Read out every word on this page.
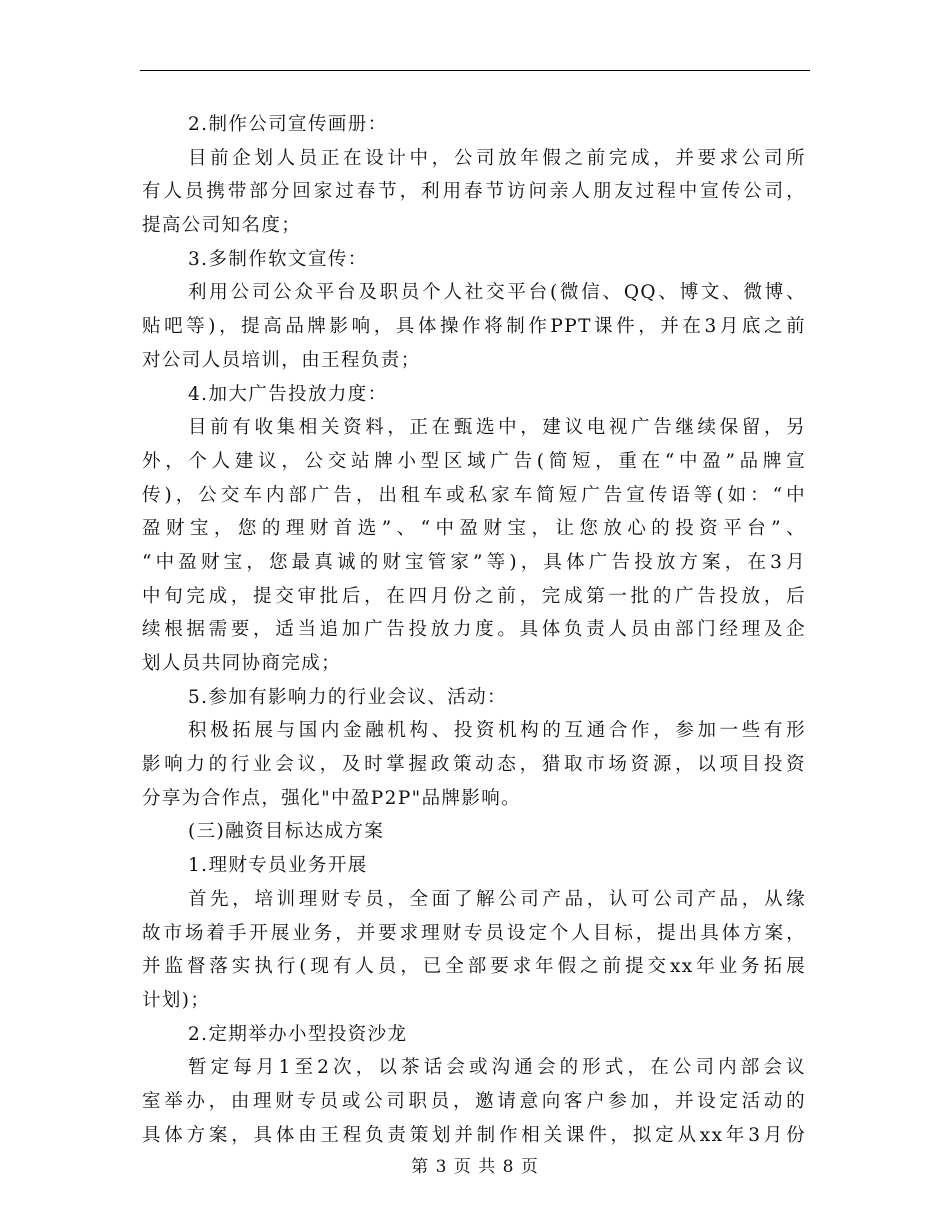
2.制作公司宣传画册：
目前企划人员正在设计中，公司放年假之前完成，并要求公司所
有人员携带部分回家过春节，利用春节访问亲人朋友过程中宣传公司，
提高公司知名度；
3.多制作软文宣传：
利用公司公众平台及职员个人社交平台(微信、QQ、博文、微博、
贴吧等)，提高品牌影响，具体操作将制作PPT课件，并在3月底之前
对公司人员培训，由王程负责；
4.加大广告投放力度：
目前有收集相关资料，正在甄选中，建议电视广告继续保留，另
外，个人建议，公交站牌小型区域广告(简短，重在“中盈”品牌宣
传)，公交车内部广告，出租车或私家车简短广告宣传语等(如：“中
盈财宝，您的理财首选”、“中盈财宝，让您放心的投资平台”、
“中盈财宝，您最真诚的财宝管家”等)，具体广告投放方案，在3月
中旬完成，提交审批后，在四月份之前，完成第一批的广告投放，后
续根据需要，适当追加广告投放力度。具体负责人员由部门经理及企
划人员共同协商完成；
5.参加有影响力的行业会议、活动：
积极拓展与国内金融机构、投资机构的互通合作，参加一些有形
影响力的行业会议，及时掌握政策动态，猎取市场资源，以项目投资
分享为合作点，强化"中盈P2P"品牌影响。
(三)融资目标达成方案
1.理财专员业务开展
首先，培训理财专员，全面了解公司产品，认可公司产品，从缘
故市场着手开展业务，并要求理财专员设定个人目标，提出具体方案，
并监督落实执行(现有人员，已全部要求年假之前提交xx年业务拓展
计划)；
2.定期举办小型投资沙龙
暂定每月1至2次，以茶话会或沟通会的形式，在公司内部会议
室举办，由理财专员或公司职员，邀请意向客户参加，并设定活动的
具体方案，具体由王程负责策划并制作相关课件，拟定从xx年3月份
第 3 页 共 8 页
